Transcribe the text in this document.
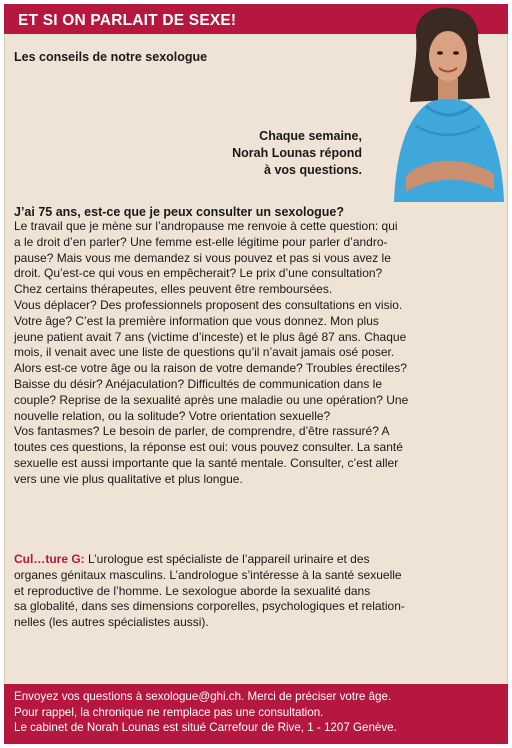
ET SI ON PARLAIT DE SEXE!
Les conseils de notre sexologue
Chaque semaine,
Norah Lounas répond
à vos questions.
J’ai 75 ans, est-ce que je peux consulter un sexologue?
Le travail que je mène sur l’andropause me renvoie à cette question: qui
a le droit d’en parler? Une femme est-elle légitime pour parler d’andro-
pause? Mais vous me demandez si vous pouvez et pas si vous avez le
droit. Qu’est-ce qui vous en empêcherait? Le prix d’une consultation?
Chez certains thérapeutes, elles peuvent être remboursées.
Vous déplacer? Des professionnels proposent des consultations en visio.
Votre âge? C’est la première information que vous donnez. Mon plus
jeune patient avait 7 ans (victime d’inceste) et le plus âgé 87 ans. Chaque
mois, il venait avec une liste de questions qu’il n’avait jamais osé poser.
Alors est-ce votre âge ou la raison de votre demande? Troubles érectiles?
Baisse du désir? Anéjaculation? Difficultés de communication dans le
couple? Reprise de la sexualité après une maladie ou une opération? Une
nouvelle relation, ou la solitude? Votre orientation sexuelle?
Vos fantasmes? Le besoin de parler, de comprendre, d’être rassuré? A
toutes ces questions, la réponse est oui: vous pouvez consulter. La santé
sexuelle est aussi importante que la santé mentale. Consulter, c’est aller
vers une vie plus qualitative et plus longue.
Cul…ture G: L’urologue est spécialiste de l’appareil urinaire et des
organes génitaux masculins. L’andrologue s’intéresse à la santé sexuelle
et reproductive de l’homme. Le sexologue aborde la sexualité dans
sa globalité, dans ses dimensions corporelles, psychologiques et relation-
nelles (les autres spécialistes aussi).
Envoyez vos questions à sexologue@ghi.ch. Merci de préciser votre âge.
Pour rappel, la chronique ne remplace pas une consultation.
Le cabinet de Norah Lounas est situé Carrefour de Rive, 1 - 1207 Genève.
